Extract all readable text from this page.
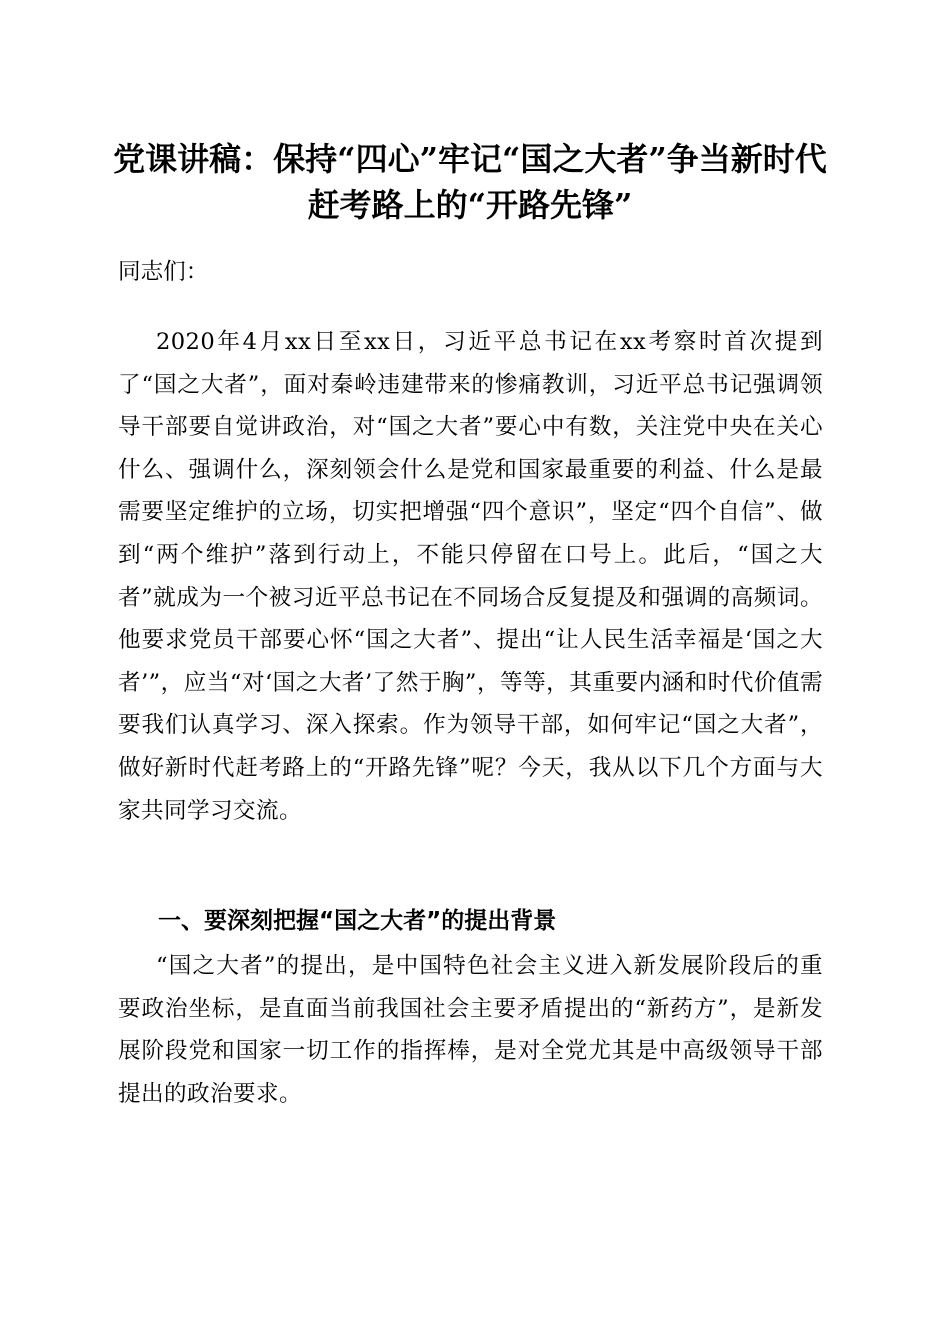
党课讲稿：保持“四心”牢记“国之大者”争当新时代赶考路上的“开路先锋”

同志们：

2020年4月xx日至xx日，习近平总书记在xx考察时首次提到了“国之大者”，面对秦岭违建带来的惨痛教训，习近平总书记强调领导干部要自觉讲政治，对“国之大者”要心中有数，关注党中央在关心什么、强调什么，深刻领会什么是党和国家最重要的利益、什么是最需要坚定维护的立场，切实把增强“四个意识”，坚定“四个自信”、做到“两个维护”落到行动上，不能只停留在口号上。此后，“国之大者”就成为一个被习近平总书记在不同场合反复提及和强调的高频词。他要求党员干部要心怀“国之大者”、提出“让人民生活幸福是‘国之大者’”，应当“对‘国之大者’了然于胸”，等等，其重要内涵和时代价值需要我们认真学习、深入探索。作为领导干部，如何牢记“国之大者”，做好新时代赶考路上的“开路先锋”呢？今天，我从以下几个方面与大家共同学习交流。

一、要深刻把握“国之大者”的提出背景

“国之大者”的提出，是中国特色社会主义进入新发展阶段后的重要政治坐标，是直面当前我国社会主要矛盾提出的“新药方”，是新发展阶段党和国家一切工作的指挥棒，是对全党尤其是中高级领导干部提出的政治要求。
